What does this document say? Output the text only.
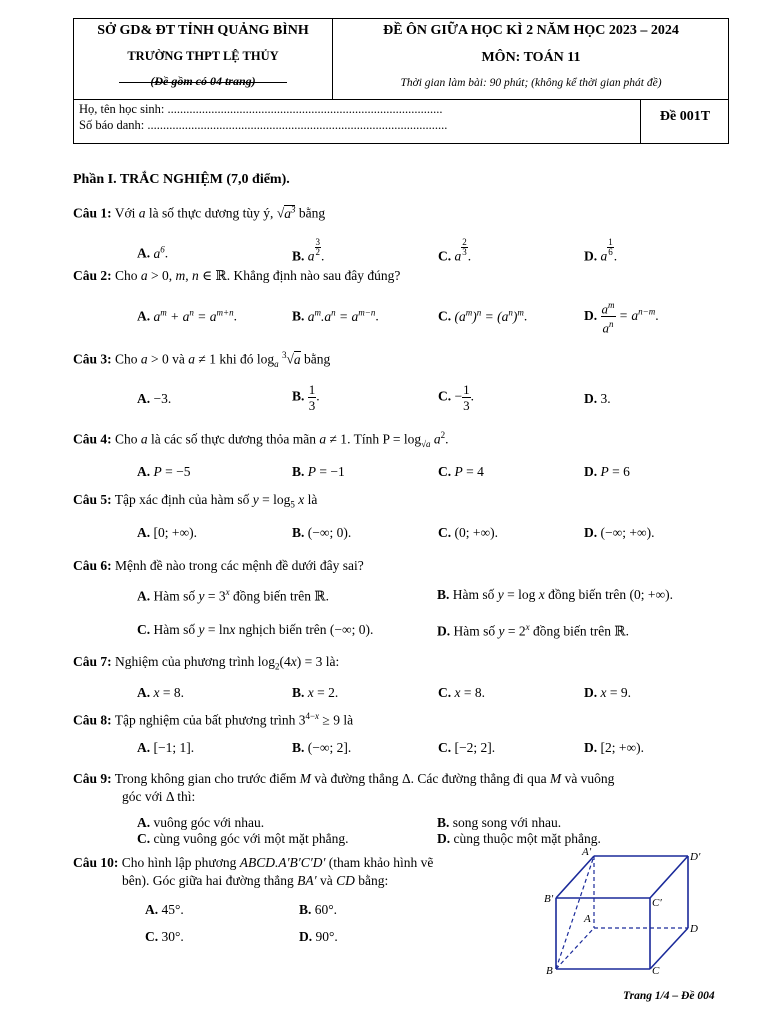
SỞ GD& ĐT TỈNH QUẢNG BÌNH
TRƯỜNG THPT LỆ THỦY
(Đề gồm có 04 trang)
ĐỀ ÔN GIỮA HỌC KÌ 2 NĂM HỌC 2023 – 2024
MÔN: TOÁN 11
Thời gian làm bài: 90 phút; (không kể thời gian phát đề)
Họ, tên học sinh: ........................................................................................
Số báo danh: ................................................................................................
Đề 001T
Phần I. TRẮC NGHIỆM (7,0 điểm).
Câu 1: Với a là số thực dương tùy ý, $√a^3$ bằng
A. $a^6$.	B. a $\frac{3}{2}$ .	C. a $\frac{2}{3}$ .	D. a $\frac{1}{6}$ .
Câu 2: Cho a > 0, m, n ∈ ℝ. Khẳng định nào sau đây đúng?
A. $a^m + a^n = a^{m+n}$.	B. $a^m.a^n = a^{m-n}$.	C. $(a^m)^n = (a^n)^m$.	D. $\frac{a^m}{a^n} = a^{n-m}$.
Câu 3: Cho a > 0 và a ≠ 1 khi đó $\log_a ^3√a$ bằng
A. −3.	B. $\frac{1}{3}$ .	C. − $\frac{1}{3}$ .	D. 3.
Câu 4: Cho a là các số thực dương thỏa mãn a ≠ 1. Tính $P = \log_{√a} a^2$.
A. P = −5	B. P = −1	C. P = 4	D. P = 6
Câu 5: Tập xác định của hàm số $y = \log_5 x$ là
A. [0; +∞).	B. (−∞; 0).	C. (0; +∞).	D. (−∞; +∞).
Câu 6: Mệnh đề nào trong các mệnh đề dưới đây sai?
A. Hàm số $y = 3^x$ đồng biến trên ℝ.	B. Hàm số y = log x đồng biến trên (0; +∞).
C. Hàm số y = lnx nghịch biến trên (−∞; 0).	D. Hàm số $y = 2^x$ đồng biến trên ℝ.
Câu 7: Nghiệm của phương trình $\log_2(4x) = 3$ là:
A. x = 8.	B. x = 2.	C. x = 8.	D. x = 9.
Câu 8: Tập nghiệm của bất phương trình $3^{4-x} \ge 9$ là
A. [−1; 1].	B. (−∞; 2].	C. [−2; 2].	D. [2; +∞).
Câu 9: Trong không gian cho trước điểm M và đường thẳng Δ. Các đường thẳng đi qua M và vuông
góc với Δ thì:
A. vuông góc với nhau.	B. song song với nhau.
C. cùng vuông góc với một mặt phẳng.	D. cùng thuộc một mặt phẳng.
Câu 10: Cho hình lập phương ABCD.A′B′C′D′ (tham khảo hình vẽ
bên). Góc giữa hai đường thẳng BA′ và CD bằng:
A. 45°.	B. 60°.
C. 30°.	D. 90°.
A′	D′
B′	C′
A
D
B	C
Trang 1/4 – Đề 004
